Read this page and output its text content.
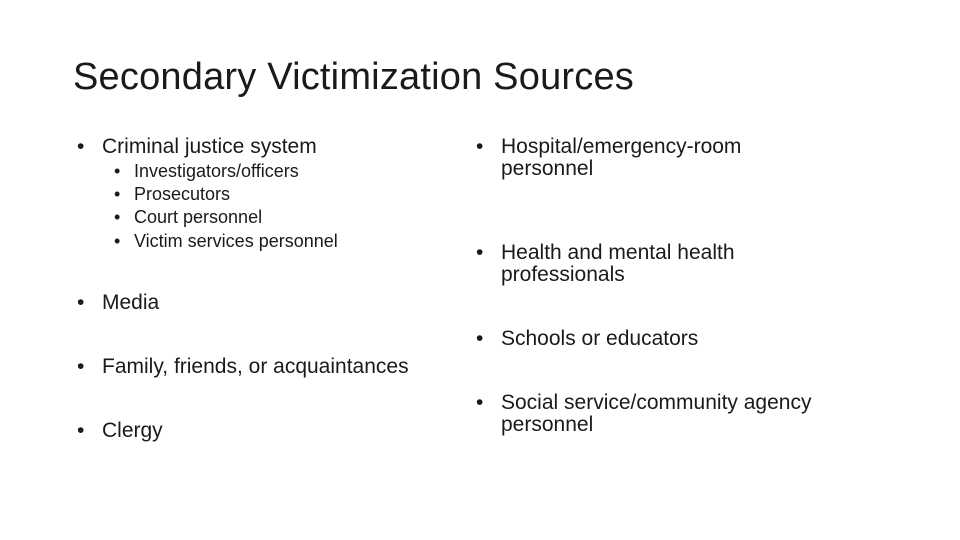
Secondary Victimization Sources
• Criminal justice system
• Investigators/officers
• Prosecutors
• Court personnel
• Victim services personnel
• Media
• Family, friends, or acquaintances
• Clergy
• Hospital/emergency-room
personnel
• Health and mental health
professionals
• Schools or educators
• Social service/community agency
personnel
